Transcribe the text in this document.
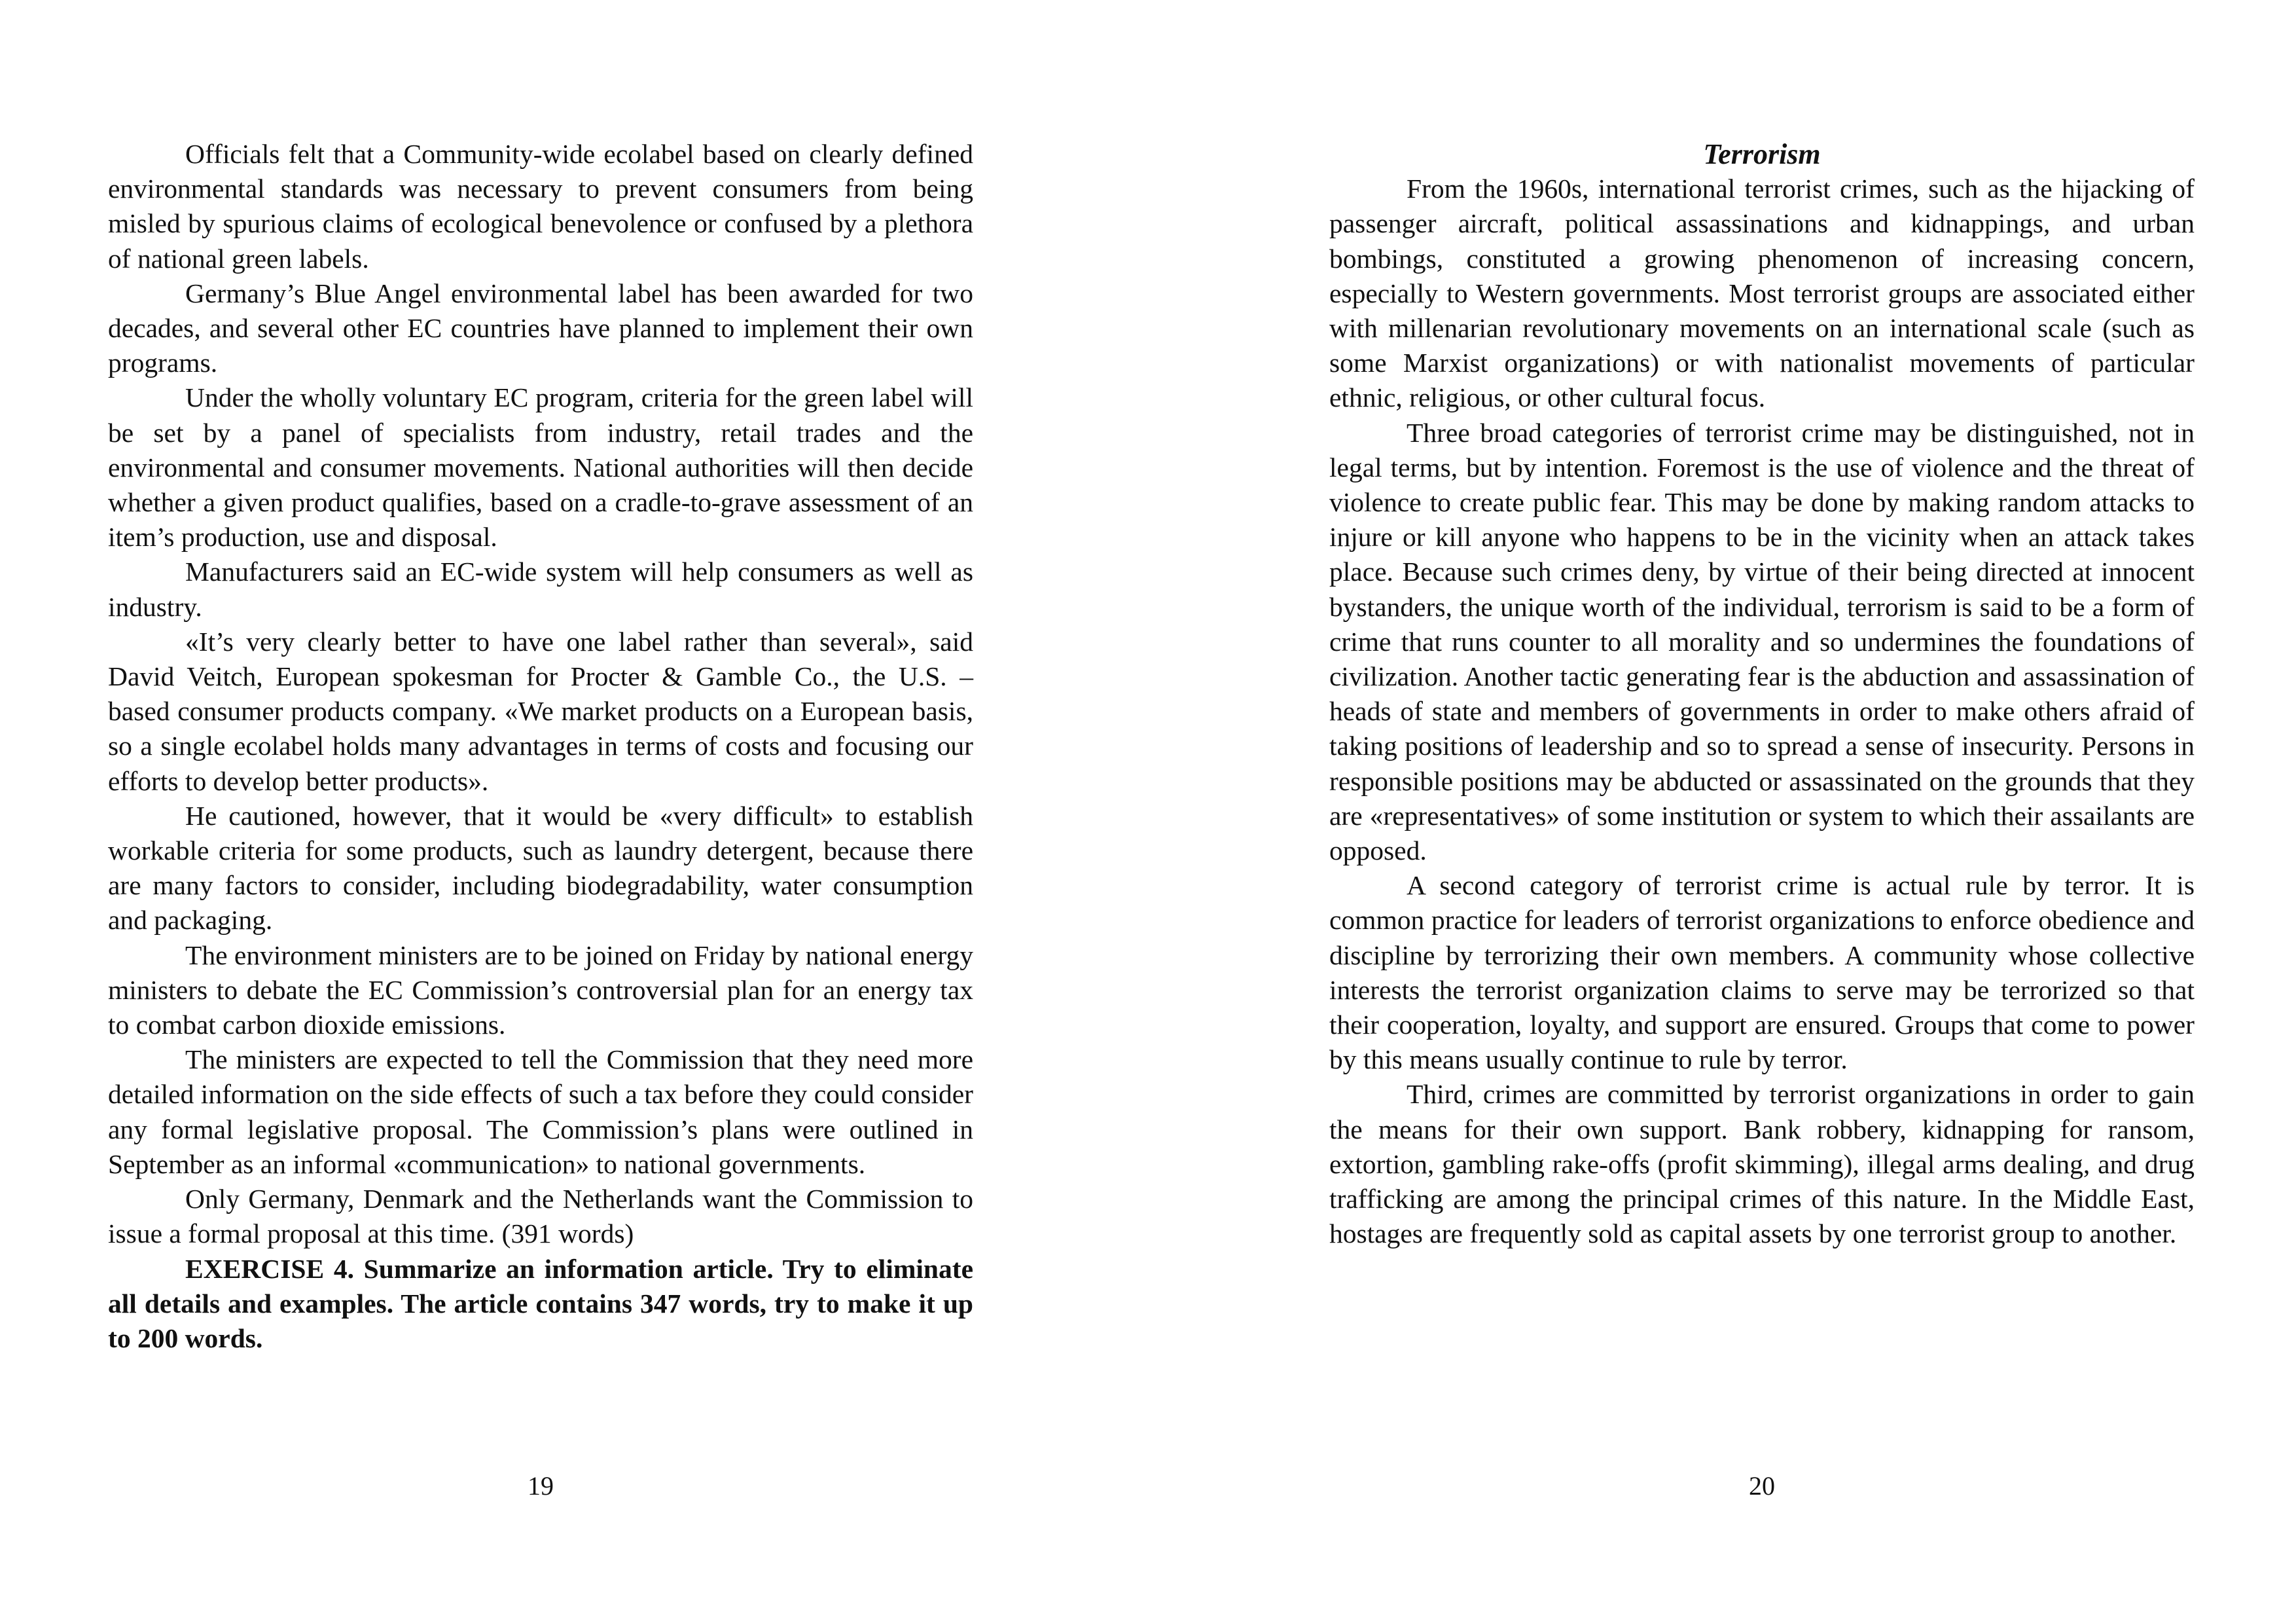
Officials felt that a Community-wide ecolabel based on clearly defined environmental standards was necessary to prevent consumers from being misled by spurious claims of ecological benevolence or confused by a plethora of national green labels.

Germany’s Blue Angel environmental label has been awarded for two decades, and several other EC countries have planned to implement their own programs.

Under the wholly voluntary EC program, criteria for the green label will be set by a panel of specialists from industry, retail trades and the environmental and consumer movements. National authorities will then decide whether a given product qualifies, based on a cradle-to-grave assessment of an item’s production, use and disposal.

Manufacturers said an EC-wide system will help consumers as well as industry.

«It’s very clearly better to have one label rather than several», said David Veitch, European spokesman for Procter & Gamble Co., the U.S. – based consumer products company. «We market products on a European basis, so a single ecolabel holds many advantages in terms of costs and focusing our efforts to develop better products».

He cautioned, however, that it would be «very difficult» to establish workable criteria for some products, such as laundry detergent, because there are many factors to consider, including biodegradability, water consumption and packaging.

The environment ministers are to be joined on Friday by national energy ministers to debate the EC Commission’s controversial plan for an energy tax to combat carbon dioxide emissions.

The ministers are expected to tell the Commission that they need more detailed information on the side effects of such a tax before they could consider any formal legislative proposal. The Commission’s plans were outlined in September as an informal «communication» to national governments.

Only Germany, Denmark and the Netherlands want the Commission to issue a formal proposal at this time. (391 words)

EXERCISE 4. Summarize an information article. Try to eliminate all details and examples. The article contains 347 words, try to make it up to 200 words.

19
Terrorism

From the 1960s, international terrorist crimes, such as the hijacking of passenger aircraft, political assassinations and kidnappings, and urban bombings, constituted a growing phenomenon of increasing concern, especially to Western governments. Most terrorist groups are associated either with millenarian revolutionary movements on an international scale (such as some Marxist organizations) or with nationalist movements of particular ethnic, religious, or other cultural focus.

Three broad categories of terrorist crime may be distinguished, not in legal terms, but by intention. Foremost is the use of violence and the threat of violence to create public fear. This may be done by making random attacks to injure or kill anyone who happens to be in the vicinity when an attack takes place. Because such crimes deny, by virtue of their being directed at innocent bystanders, the unique worth of the individual, terrorism is said to be a form of crime that runs counter to all morality and so undermines the foundations of civilization. Another tactic generating fear is the abduction and assassination of heads of state and members of governments in order to make others afraid of taking positions of leadership and so to spread a sense of insecurity. Persons in responsible positions may be abducted or assassinated on the grounds that they are «representatives» of some institution or system to which their assailants are opposed.

A second category of terrorist crime is actual rule by terror. It is common practice for leaders of terrorist organizations to enforce obedience and discipline by terrorizing their own members. A community whose collective interests the terrorist organization claims to serve may be terrorized so that their cooperation, loyalty, and support are ensured. Groups that come to power by this means usually continue to rule by terror.

Third, crimes are committed by terrorist organizations in order to gain the means for their own support. Bank robbery, kidnapping for ransom, extortion, gambling rake-offs (profit skimming), illegal arms dealing, and drug trafficking are among the principal crimes of this nature. In the Middle East, hostages are frequently sold as capital assets by one terrorist group to another.

20
